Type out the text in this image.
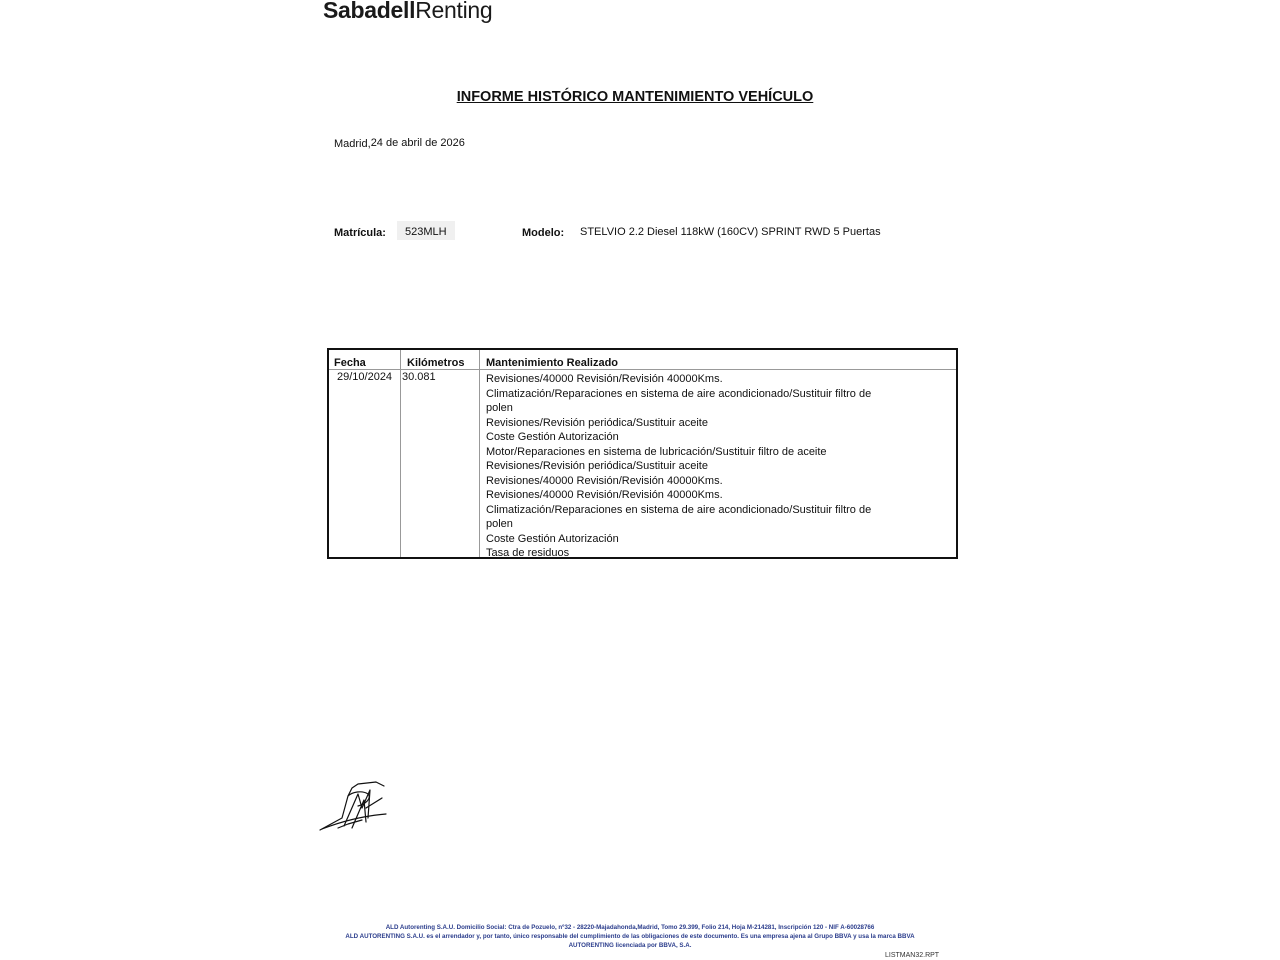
SabadellRenting
INFORME HISTÓRICO MANTENIMIENTO VEHÍCULO
Madrid,24 de abril de 2026
Matrícula: 523MLH	Modelo: STELVIO 2.2 Diesel 118kW (160CV) SPRINT RWD 5 Puertas
Fecha	Kilómetros Mantenimiento Realizado
29/10/2024 30.081	Revisiones/40000 Revisión/Revisión 40000Kms.
Climatización/Reparaciones en sistema de aire acondicionado/Sustituir filtro de polen
Revisiones/Revisión periódica/Sustituir aceite
Coste Gestión Autorización
Motor/Reparaciones en sistema de lubricación/Sustituir filtro de aceite
Revisiones/Revisión periódica/Sustituir aceite
Revisiones/40000 Revisión/Revisión 40000Kms.
Revisiones/40000 Revisión/Revisión 40000Kms.
Climatización/Reparaciones en sistema de aire acondicionado/Sustituir filtro de polen
Coste Gestión Autorización
Tasa de residuos
ALD Autorenting S.A.U. Domicilio Social: Ctra de Pozuelo, nº32 - 28220-Majadahonda,Madrid, Tomo 29.399, Folio 214, Hoja M-214281, Inscripción 120 - NIF A-60028766
ALD AUTORENTING S.A.U. es el arrendador y, por tanto, único responsable del cumplimiento de las obligaciones de este documento. Es una empresa ajena al Grupo BBVA y usa la marca BBVA
AUTORENTING licenciada por BBVA, S.A.
LISTMAN32.RPT
